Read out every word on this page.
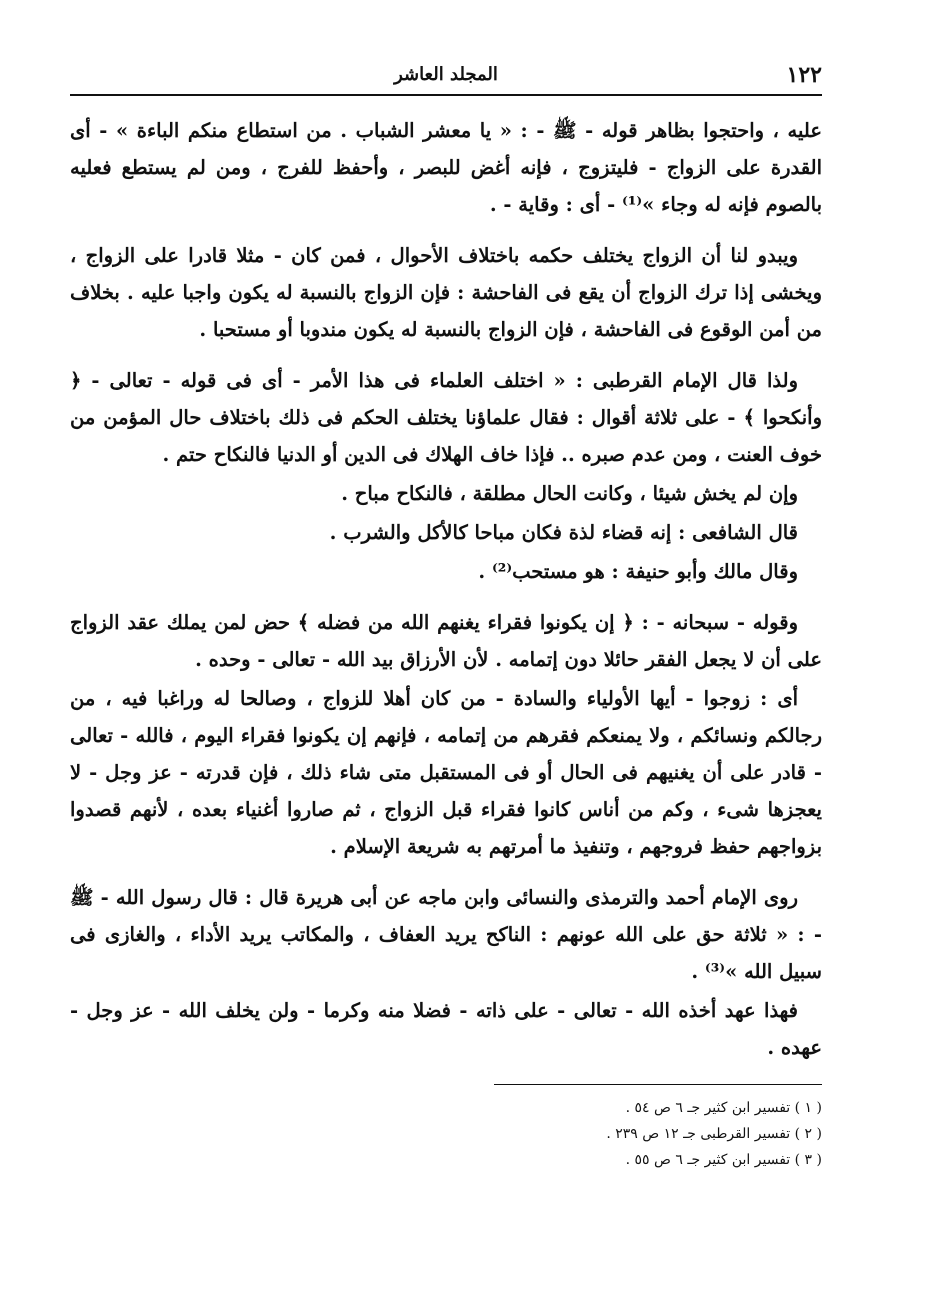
١٢٢
المجلد العاشر

عليه ، واحتجوا بظاهر قوله - ﷺ - : « يا معشر الشباب . من استطاع منكم الباءة » - أى القدرة على الزواج - فليتزوج ، فإنه أغض للبصر ، وأحفظ للفرج ، ومن لم يستطع فعليه بالصوم فإنه له وجاء »⁽¹⁾ - أى : وقاية - .

ويبدو لنا أن الزواج يختلف حكمه باختلاف الأحوال ، فمن كان - مثلا قادرا على الزواج ، ويخشى إذا ترك الزواج أن يقع فى الفاحشة : فإن الزواج بالنسبة له يكون واجبا عليه . بخلاف من أمن الوقوع فى الفاحشة ، فإن الزواج بالنسبة له يكون مندوبا أو مستحبا .

ولذا قال الإمام القرطبى : « اختلف العلماء فى هذا الأمر - أى فى قوله - تعالى - ﴿ وأنكحوا ﴾ - على ثلاثة أقوال : فقال علماؤنا يختلف الحكم فى ذلك باختلاف حال المؤمن من خوف العنت ، ومن عدم صبره .. فإذا خاف الهلاك فى الدين أو الدنيا فالنكاح حتم .

وإن لم يخش شيئا ، وكانت الحال مطلقة ، فالنكاح مباح .

قال الشافعى : إنه قضاء لذة فكان مباحا كالأكل والشرب .

وقال مالك وأبو حنيفة : هو مستحب⁽²⁾ .

وقوله - سبحانه - : ﴿ إن يكونوا فقراء يغنهم الله من فضله ﴾ حض لمن يملك عقد الزواج على أن لا يجعل الفقر حائلا دون إتمامه . لأن الأرزاق بيد الله - تعالى - وحده .

أى : زوجوا - أيها الأولياء والسادة - من كان أهلا للزواج ، وصالحا له وراغبا فيه ، من رجالكم ونسائكم ، ولا يمنعكم فقرهم من إتمامه ، فإنهم إن يكونوا فقراء اليوم ، فالله - تعالى - قادر على أن يغنيهم فى الحال أو فى المستقبل متى شاء ذلك ، فإن قدرته - عز وجل - لا يعجزها شىء ، وكم من أناس كانوا فقراء قبل الزواج ، ثم صاروا أغنياء بعده ، لأنهم قصدوا بزواجهم حفظ فروجهم ، وتنفيذ ما أمرتهم به شريعة الإسلام .

روى الإمام أحمد والترمذى والنسائى وابن ماجه عن أبى هريرة قال : قال رسول الله - ﷺ - : « ثلاثة حق على الله عونهم : الناكح يريد العفاف ، والمكاتب يريد الأداء ، والغازى فى سبيل الله »⁽³⁾ .

فهذا عهد أخذه الله - تعالى - على ذاته - فضلا منه وكرما - ولن يخلف الله - عز وجل - عهده .

( ١ ) تفسير ابن كثير جـ ٦ ص ٥٤ .

( ٢ ) تفسير القرطبى جـ ١٢ ص ٢٣٩ .

( ٣ ) تفسير ابن كثير جـ ٦ ص ٥٥ .
